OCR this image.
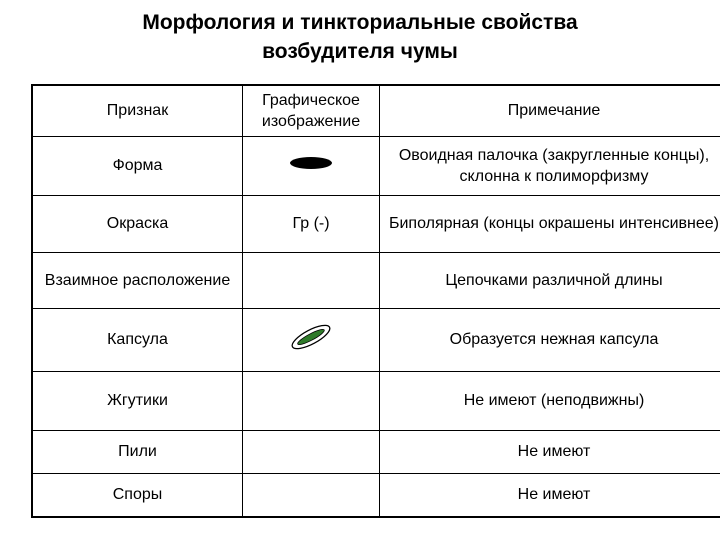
Морфология и тинкториальные свойства
возбудителя чумы
Признак	Графическое изображение	Примечание
Форма		Овоидная палочка (закругленные концы), склонна к полиморфизму
Окраска	Гр (-)	Биполярная (концы окрашены интенсивнее)
Взаимное расположение		Цепочками различной длины
Капсула		Образуется нежная капсула
Жгутики		Не имеют (неподвижны)
Пили		Не имеют
Споры		Не имеют
